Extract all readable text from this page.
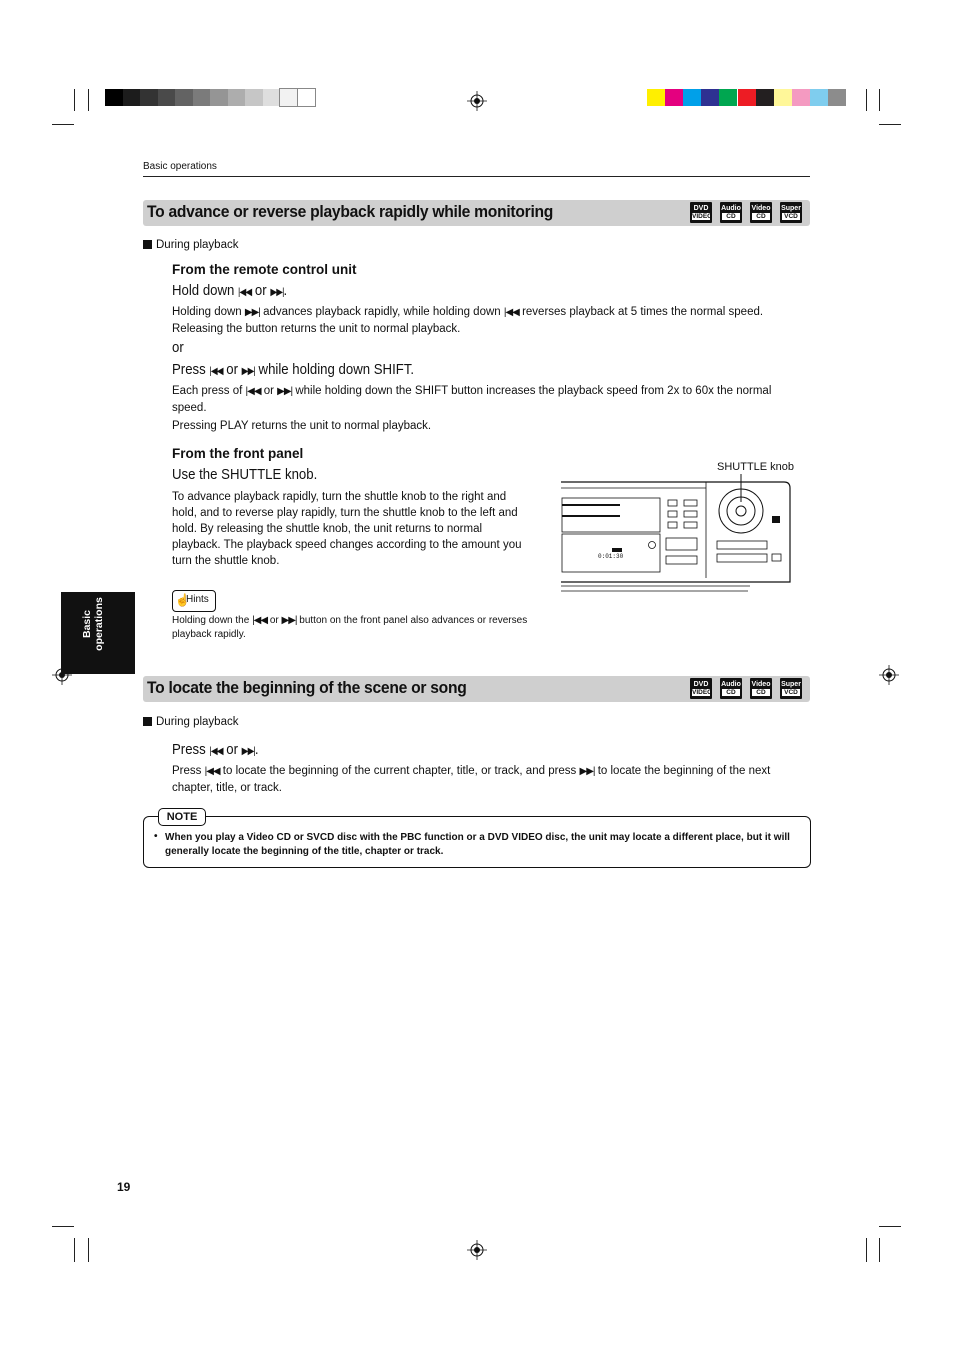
Basic operations
To advance or reverse playback rapidly while monitoring	DVD
VIDEO
Audio
CD
Video
CD
Super
VCD
During playback
From the remote control unit
Hold down |◀◀ or ▶▶|.
Holding down ▶▶| advances playback rapidly, while holding down |◀◀ reverses playback at 5 times the normal speed. Releasing the button returns the unit to normal playback.
or
Press |◀◀ or ▶▶| while holding down SHIFT.
Each press of |◀◀ or ▶▶| while holding down the SHIFT button increases the playback speed from 2x to 60x the normal speed.
Pressing PLAY returns the unit to normal playback.
From the front panel
Use the SHUTTLE knob.
To advance playback rapidly, turn the shuttle knob to the right and hold, and to reverse play rapidly, turn the shuttle knob to the left and hold. By releasing the shuttle knob, the unit returns to normal playback. The playback speed changes according to the amount you turn the shuttle knob.
SHUTTLE knob
0:01:30
☝
Hints
Holding down the |◀◀ or ▶▶| button on the front panel also advances or reverses playback rapidly.
Basic
operations
To locate the beginning of the scene or song	DVD
VIDEO
Audio
CD
Video
CD
Super
VCD
During playback
Press |◀◀ or ▶▶|.
Press |◀◀ to locate the beginning of the current chapter, title, or track, and press ▶▶| to locate the beginning of the next chapter, title, or track.
NOTE
• When you play a Video CD or SVCD disc with the PBC function or a DVD VIDEO disc, the unit may locate a different place, but it will generally locate the beginning of the title, chapter or track.
19
